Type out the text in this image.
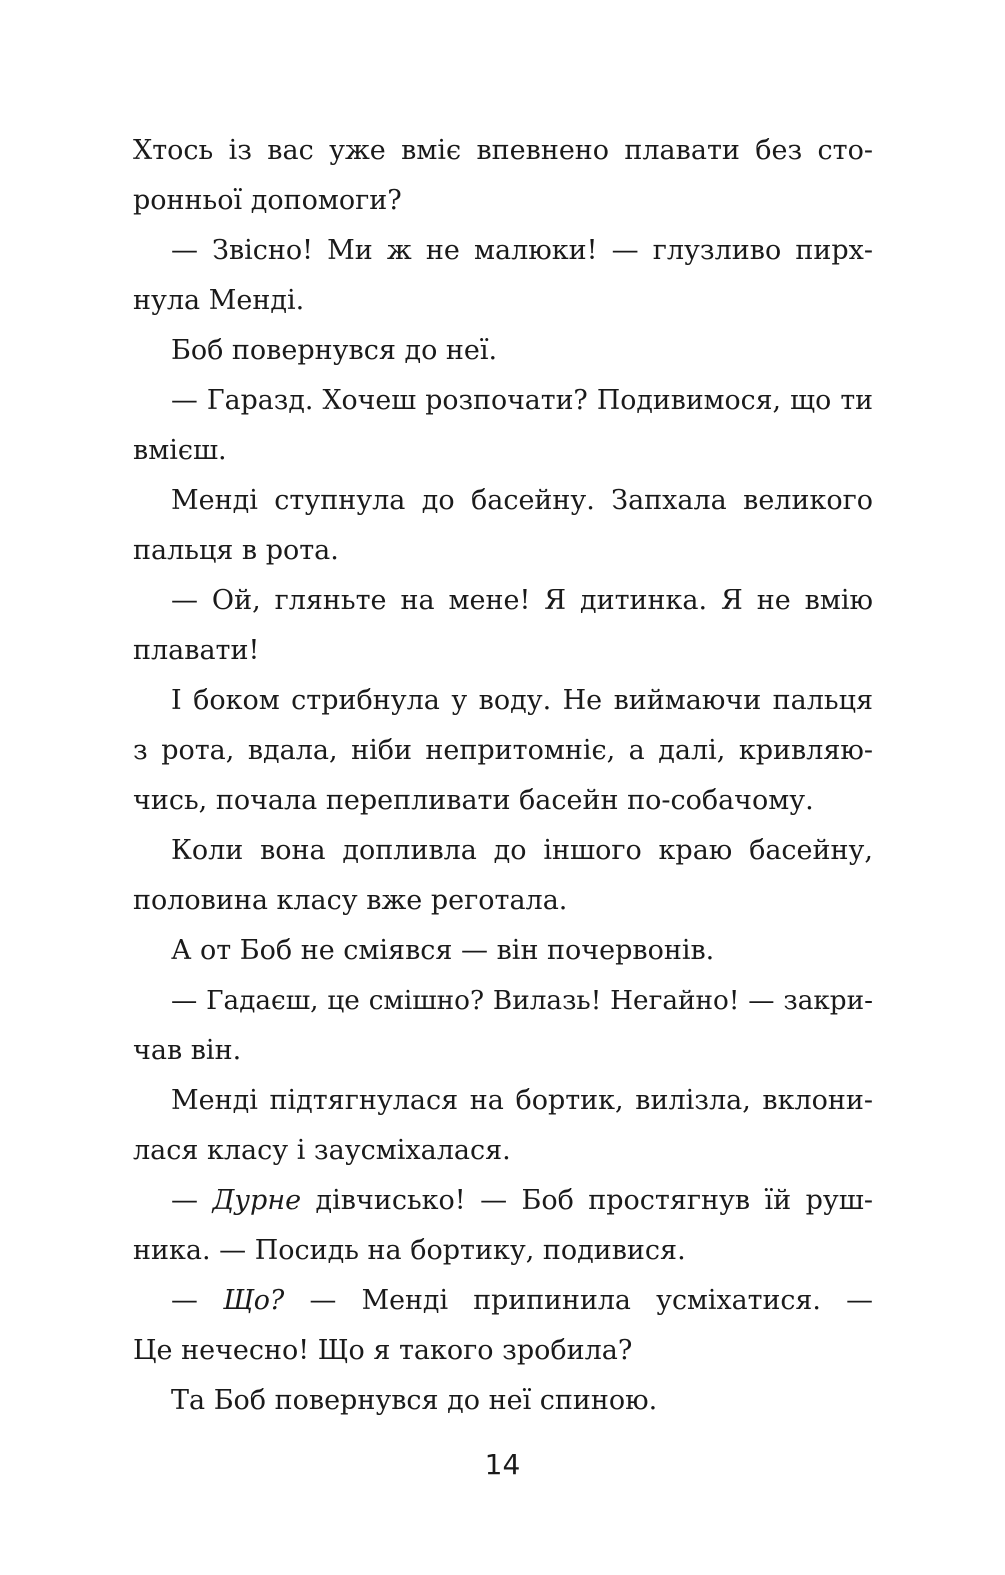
Хтось із вас уже вміє впевнено плавати без сто-
ронньої допомоги?
— Звісно! Ми ж не малюки! — глузливо пирх-
нула Менді.
Боб повернувся до неї.
— Гаразд. Хочеш розпочати? Подивимося, що ти
вмієш.
Менді ступнула до басейну. Запхала великого
пальця в рота.
— Ой, гляньте на мене! Я дитинка. Я не вмію
плавати!
І боком стрибнула у воду. Не виймаючи пальця
з рота, вдала, ніби непритомніє, а далі, кривляю-
чись, почала перепливати басейн по-собачому.
Коли вона допливла до іншого краю басейну,
половина класу вже реготала.
А от Боб не сміявся — він почервонів.
— Гадаєш, це смішно? Вилазь! Негайно! — закри-
чав він.
Менді підтягнулася на бортик, вилізла, вклони-
лася класу і заусміхалася.
— Дурне дівчисько! — Боб простягнув їй руш-
ника. — Посидь на бортику, подивися.
— Що? — Менді припинила усміхатися. —
Це нечесно! Що я такого зробила?
Та Боб повернувся до неї спиною.
14
